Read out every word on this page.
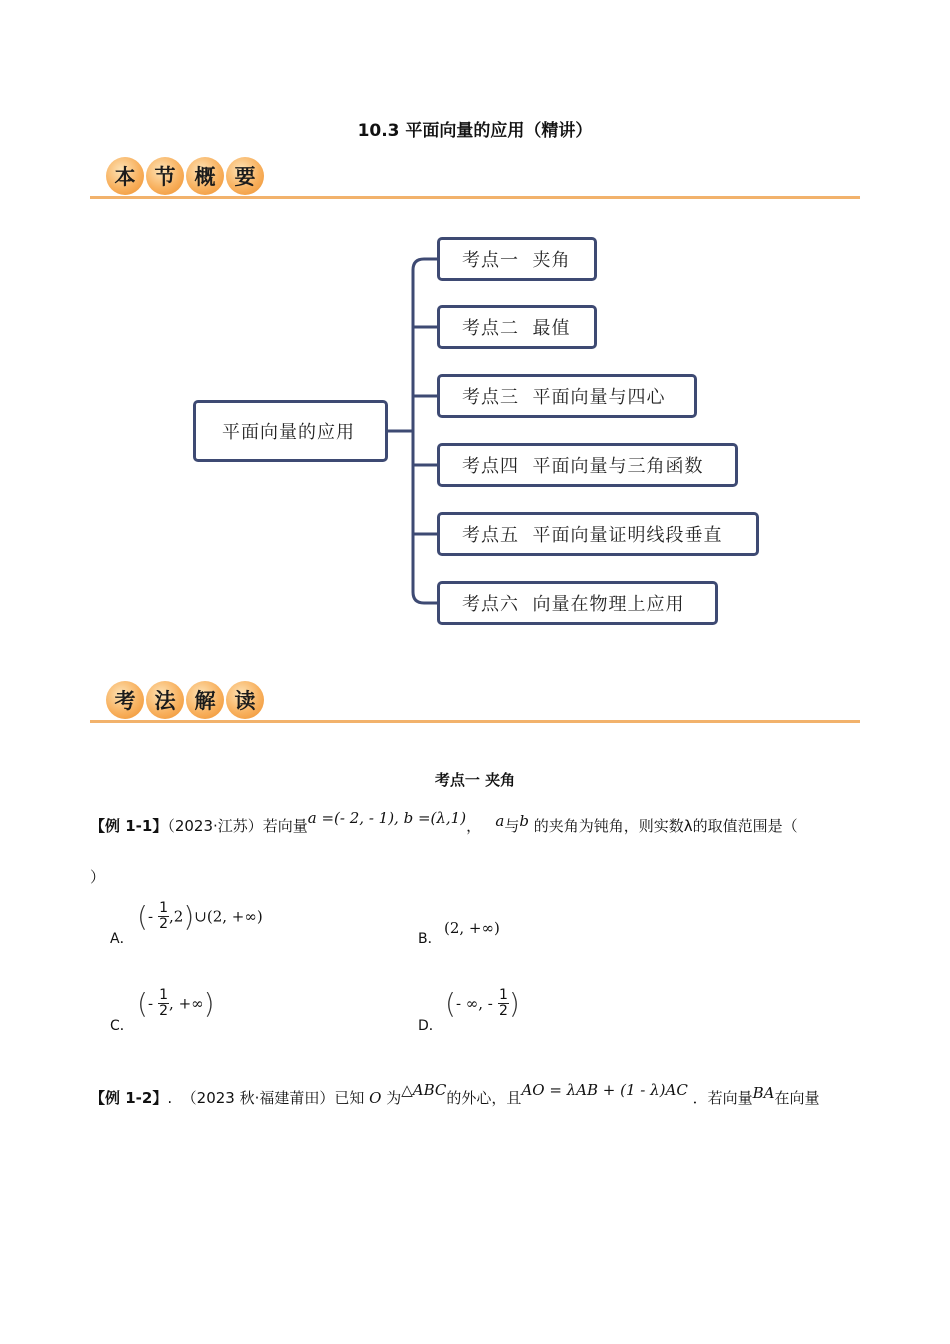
10.3 平面向量的应用（精讲）
本 节 概 要
平面向量的应用
考点一  夹角
考点二  最值
考点三  平面向量与四心
考点四  平面向量与三角函数
考点五  平面向量证明线段垂直
考点六  向量在物理上应用
考 法 解 读
考点一 夹角
【例 1-1】（2023·江苏）若向量a =(- 2, - 1), b =(λ,1)， a与b 的夹角为钝角，则实数λ的取值范围是（
）
A．
(- $\frac{1}{2}$ ,2)∪(2, +∞)
B．
(2, +∞)
C．
(- $\frac{1}{2}$ , +∞)
D．
(- ∞, - $\frac{1}{2}$ )
【例 1-2】. （2023 秋·福建莆田）已知 O 为△ABC的外心，且AO = λAB + (1 - λ)AC ．若向量BA在向量
